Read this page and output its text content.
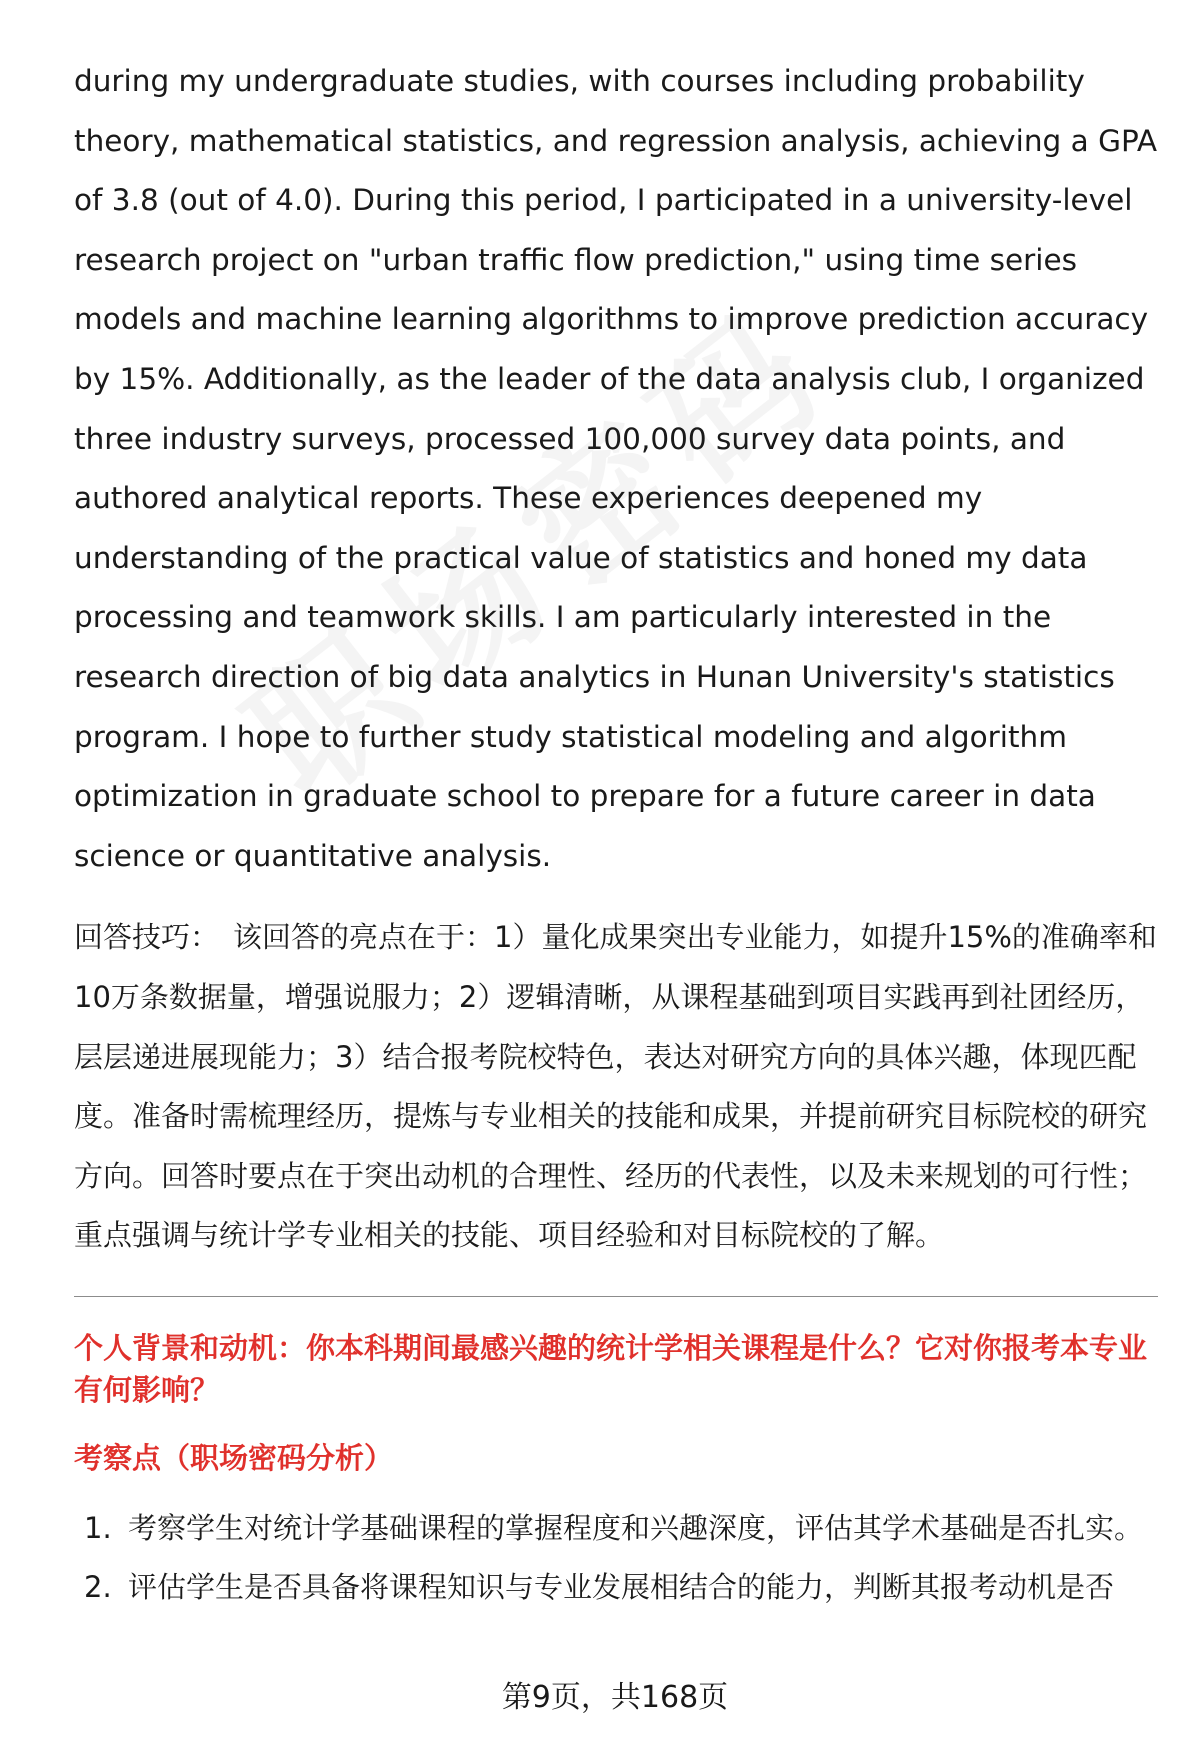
during my undergraduate studies, with courses including probability theory, mathematical statistics, and regression analysis, achieving a GPA of 3.8 (out of 4.0). During this period, I participated in a university-level research project on "urban traffic flow prediction," using time series models and machine learning algorithms to improve prediction accuracy by 15%. Additionally, as the leader of the data analysis club, I organized three industry surveys, processed 100,000 survey data points, and authored analytical reports. These experiences deepened my understanding of the practical value of statistics and honed my data processing and teamwork skills. I am particularly interested in the research direction of big data analytics in Hunan University's statistics program. I hope to further study statistical modeling and algorithm optimization in graduate school to prepare for a future career in data science or quantitative analysis.

回答技巧： 该回答的亮点在于：1）量化成果突出专业能力，如提升15%的准确率和10万条数据量，增强说服力；2）逻辑清晰，从课程基础到项目实践再到社团经历，层层递进展现能力；3）结合报考院校特色，表达对研究方向的具体兴趣，体现匹配度。准备时需梳理经历，提炼与专业相关的技能和成果，并提前研究目标院校的研究方向。回答时要点在于突出动机的合理性、经历的代表性，以及未来规划的可行性；重点强调与统计学专业相关的技能、项目经验和对目标院校的了解。
个人背景和动机：你本科期间最感兴趣的统计学相关课程是什么？它对你报考本专业有何影响？
考察点（职场密码分析）
1. 考察学生对统计学基础课程的掌握程度和兴趣深度，评估其学术基础是否扎实。
2. 评估学生是否具备将课程知识与专业发展相结合的能力，判断其报考动机是否
第9页，共168页
